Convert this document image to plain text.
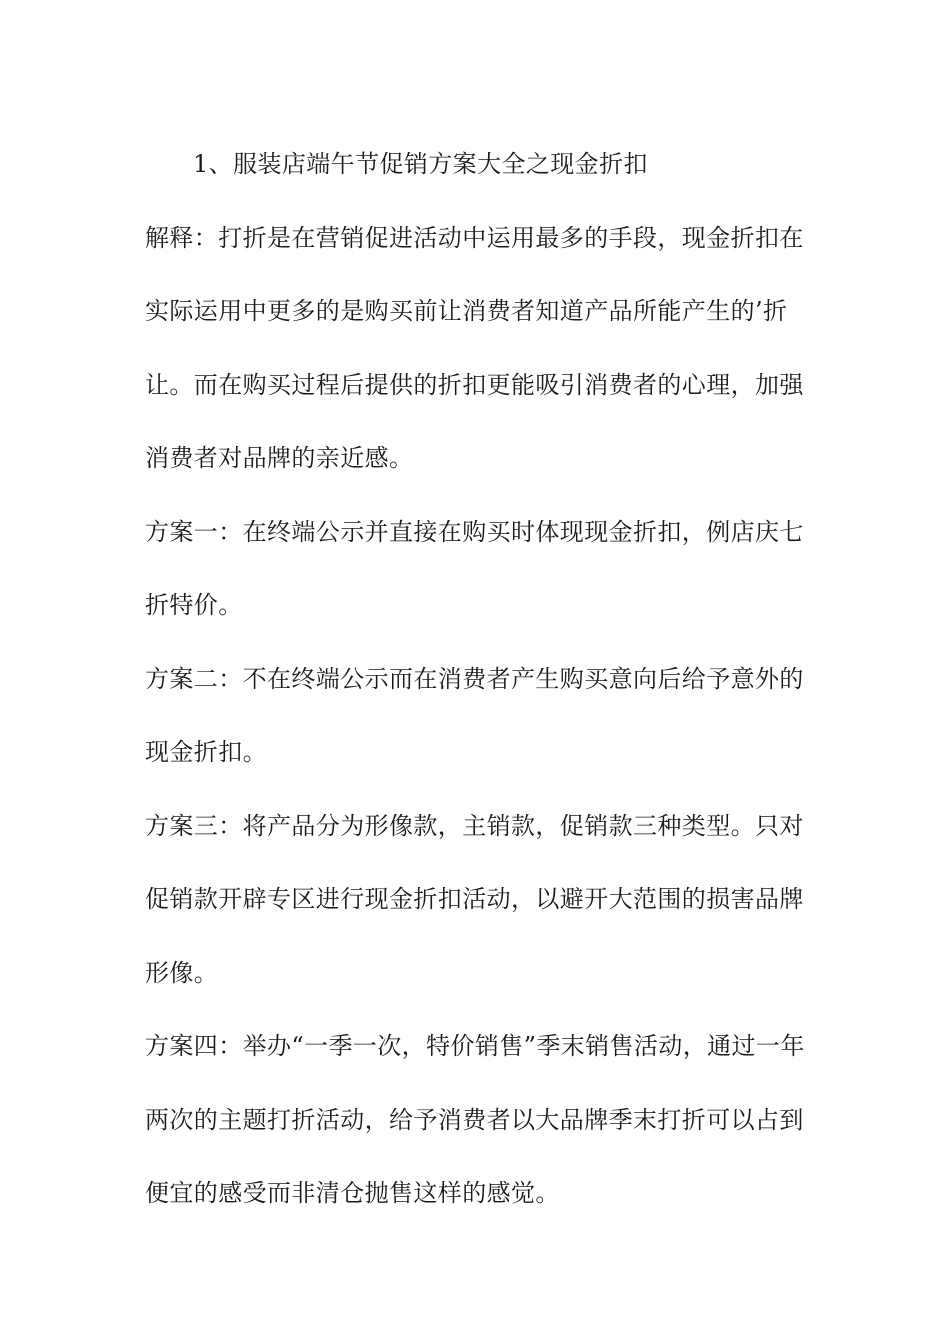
1、服装店端午节促销方案大全之现金折扣

解释：打折是在营销促进活动中运用最多的手段，现金折扣在实际运用中更多的是购买前让消费者知道产品所能产生的’折让。而在购买过程后提供的折扣更能吸引消费者的心理，加强消费者对品牌的亲近感。

方案一：在终端公示并直接在购买时体现现金折扣，例店庆七折特价。

方案二：不在终端公示而在消费者产生购买意向后给予意外的现金折扣。

方案三：将产品分为形像款，主销款，促销款三种类型。只对促销款开辟专区进行现金折扣活动，以避开大范围的损害品牌形像。

方案四：举办“一季一次，特价销售”季末销售活动，通过一年两次的主题打折活动，给予消费者以大品牌季末打折可以占到便宜的感受而非清仓抛售这样的感觉。
